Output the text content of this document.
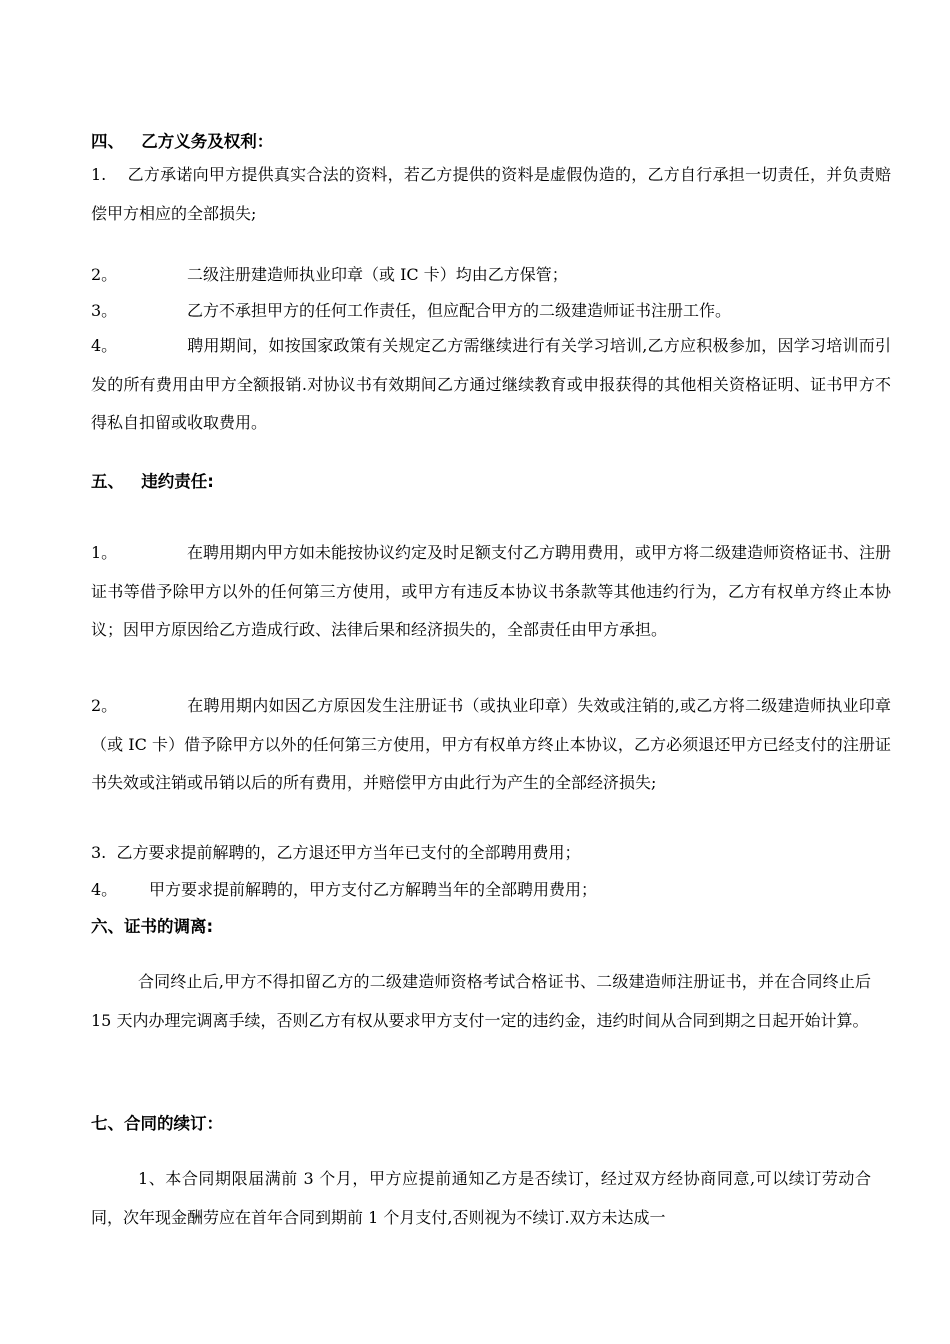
四、 乙方义务及权利：
1. 乙方承诺向甲方提供真实合法的资料，若乙方提供的资料是虚假伪造的，乙方自行承担一切责任，并负责赔偿甲方相应的全部损失;
2。	二级注册建造师执业印章（或 IC 卡）均由乙方保管；
3。	乙方不承担甲方的任何工作责任，但应配合甲方的二级建造师证书注册工作。
4。	聘用期间，如按国家政策有关规定乙方需继续进行有关学习培训,乙方应积极参加，因学习培训而引发的所有费用由甲方全额报销.对协议书有效期间乙方通过继续教育或申报获得的其他相关资格证明、证书甲方不得私自扣留或收取费用。
五、 违约责任:
1。	在聘用期内甲方如未能按协议约定及时足额支付乙方聘用费用，或甲方将二级建造师资格证书、注册证书等借予除甲方以外的任何第三方使用，或甲方有违反本协议书条款等其他违约行为，乙方有权单方终止本协议；因甲方原因给乙方造成行政、法律后果和经济损失的，全部责任由甲方承担。
2。	在聘用期内如因乙方原因发生注册证书（或执业印章）失效或注销的,或乙方将二级建造师执业印章（或 IC 卡）借予除甲方以外的任何第三方使用，甲方有权单方终止本协议，乙方必须退还甲方已经支付的注册证书失效或注销或吊销以后的所有费用，并赔偿甲方由此行为产生的全部经济损失;
3. 乙方要求提前解聘的，乙方退还甲方当年已支付的全部聘用费用；
4。 甲方要求提前解聘的，甲方支付乙方解聘当年的全部聘用费用；
六、证书的调离:
合同终止后,甲方不得扣留乙方的二级建造师资格考试合格证书、二级建造师注册证书，并在合同终止后 15 天内办理完调离手续，否则乙方有权从要求甲方支付一定的违约金，违约时间从合同到期之日起开始计算。
七、合同的续订：
1、本合同期限届满前 3 个月，甲方应提前通知乙方是否续订，经过双方经协商同意,可以续订劳动合同，次年现金酬劳应在首年合同到期前 1 个月支付,否则视为不续订.双方未达成一
